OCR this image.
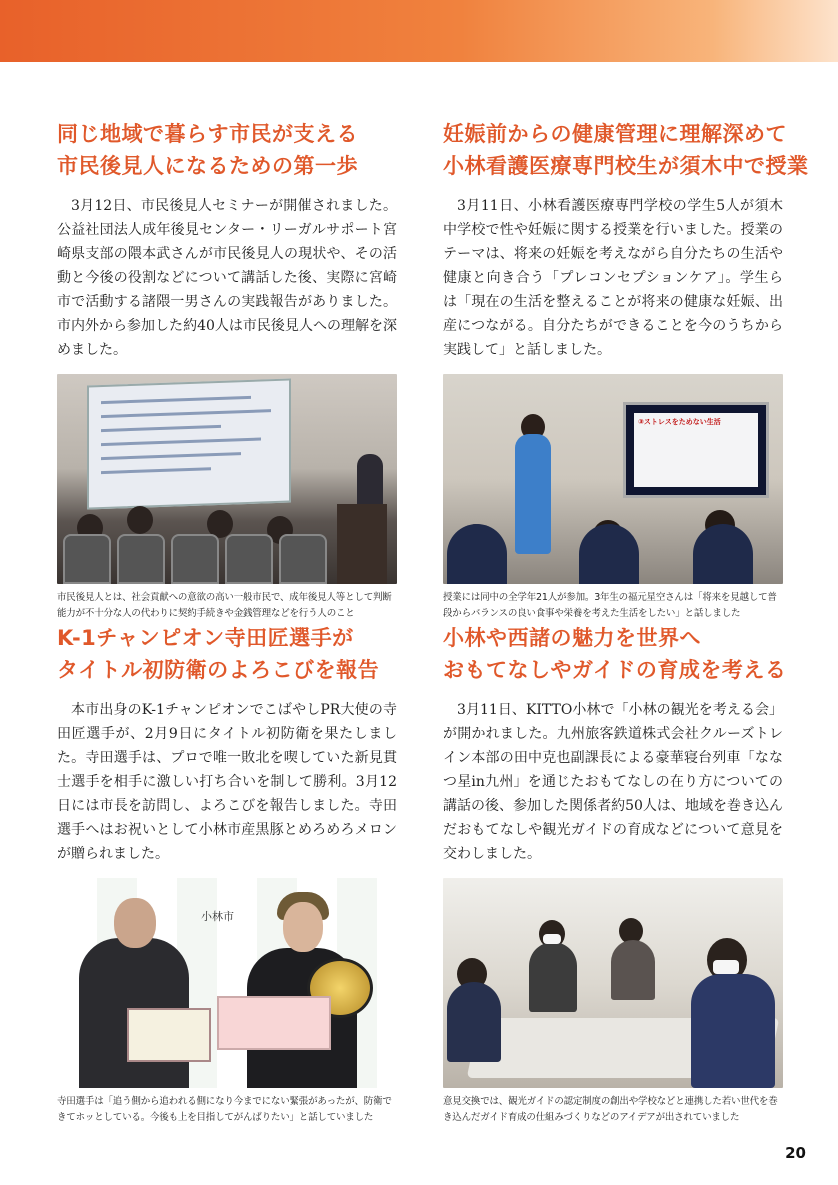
同じ地域で暮らす市民が支える
市民後見人になるための第一歩

3月12日、市民後見人セミナーが開催されました。公益社団法人成年後見センター・リーガルサポート宮崎県支部の隈本武さんが市民後見人の現状や、その活動と今後の役割などについて講話した後、実際に宮崎市で活動する諸隈一男さんの実践報告がありました。市内外から参加した約40人は市民後見人への理解を深めました。

市民後見人とは、社会貢献への意欲の高い一般市民で、成年後見人等として判断能力が不十分な人の代わりに契約手続きや金銭管理などを行う人のこと

妊娠前からの健康管理に理解深めて
小林看護医療専門校生が須木中で授業

3月11日、小林看護医療専門学校の学生5人が須木中学校で性や妊娠に関する授業を行いました。授業のテーマは、将来の妊娠を考えながら自分たちの生活や健康と向き合う「プレコンセプションケア」。学生らは「現在の生活を整えることが将来の健康な妊娠、出産につながる。自分たちができることを今のうちから実践して」と話しました。

③ストレスをためない生活

授業には同中の全学年21人が参加。3年生の福元星空さんは「将来を見越して普段からバランスの良い食事や栄養を考えた生活をしたい」と話しました

K-1チャンピオン寺田匠選手が
タイトル初防衛のよろこびを報告

本市出身のK-1チャンピオンでこばやしPR大使の寺田匠選手が、2月9日にタイトル初防衛を果たしました。寺田選手は、プロで唯一敗北を喫していた新見貫士選手を相手に激しい打ち合いを制して勝利。3月12日には市長を訪問し、よろこびを報告しました。寺田選手へはお祝いとして小林市産黒豚とめろめろメロンが贈られました。

小林市

寺田選手は「追う側から追われる側になり今までにない緊張があったが、防衛できてホッとしている。今後も上を目指してがんばりたい」と話していました

小林や西諸の魅力を世界へ
おもてなしやガイドの育成を考える

3月11日、KITTO小林で「小林の観光を考える会」が開かれました。九州旅客鉄道株式会社クルーズトレイン本部の田中克也副課長による豪華寝台列車「ななつ星in九州」を通じたおもてなしの在り方についての講話の後、参加した関係者約50人は、地域を巻き込んだおもてなしや観光ガイドの育成などについて意見を交わしました。

意見交換では、観光ガイドの認定制度の創出や学校などと連携した若い世代を巻き込んだガイド育成の仕組みづくりなどのアイデアが出されていました

20
